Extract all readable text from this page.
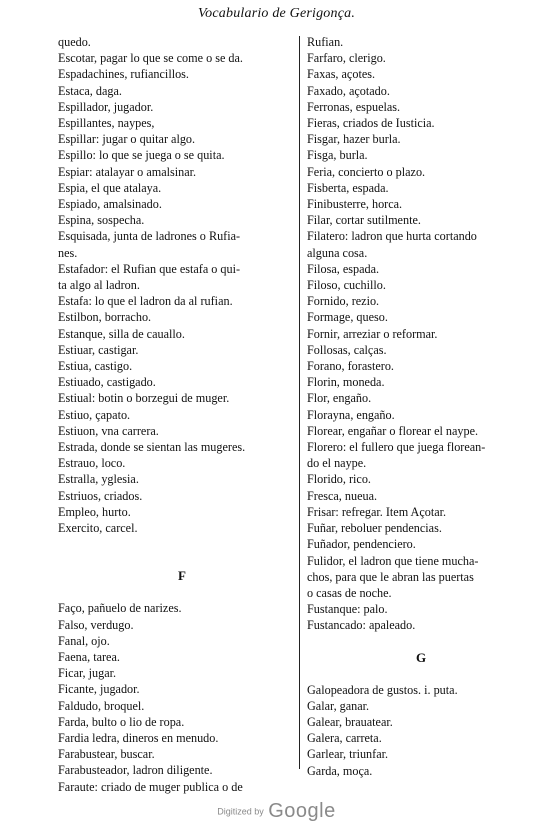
Vocabulario de Gerigonça.
quedo.
Escotar, pagar lo que se come o se da.
Espadachines, rufiancillos.
Estaca, daga.
Espillador, jugador.
Espillantes, naypes,
Espillar: jugar o quitar algo.
Espillo: lo que se juega o se quita.
Espiar: atalayar o amalsinar.
Espia, el que atalaya.
Espiado, amalsinado.
Espina, sospecha.
Esquisada, junta de ladrones o Rufia-
nes.
Estafador: el Rufian que estafa o qui-
ta algo al ladron.
Estafa: lo que el ladron da al rufian.
Estilbon, borracho.
Estanque, silla de cauallo.
Estiuar, castigar.
Estiua, castigo.
Estiuado, castigado.
Estiual: botin o borzegui de muger.
Estiuo, çapato.
Estiuon, vna carrera.
Estrada, donde se sientan las mugeres.
Estrauo, loco.
Estralla, yglesia.
Estriuos, criados.
Empleo, hurto.
Exercito, carcel.
F
Faço, pañuelo de narizes.
Falso, verdugo.
Fanal, ojo.
Faena, tarea.
Ficar, jugar.
Ficante, jugador.
Faldudo, broquel.
Farda, bulto o lio de ropa.
Fardia ledra, dineros en menudo.
Farabustear, buscar.
Farabusteador, ladron diligente.
Faraute: criado de muger publica o de
Rufian.
Farfaro, clerigo.
Faxas, açotes.
Faxado, açotado.
Ferronas, espuelas.
Fieras, criados de Iusticia.
Fisgar, hazer burla.
Fisga, burla.
Feria, concierto o plazo.
Fisberta, espada.
Finibusterre, horca.
Filar, cortar sutilmente.
Filatero: ladron que hurta cortando
alguna cosa.
Filosa, espada.
Filoso, cuchillo.
Fornido, rezio.
Formage, queso.
Fornir, arreziar o reformar.
Follosas, calças.
Forano, forastero.
Florin, moneda.
Flor, engaño.
Florayna, engaño.
Florear, engañar o florear el naype.
Florero: el fullero que juega florean-
do el naype.
Florido, rico.
Fresca, nueua.
Frisar: refregar. Item Açotar.
Fuñar, reboluer pendencias.
Fuñador, pendenciero.
Fulidor, el ladron que tiene mucha-
chos, para que le abran las puertas
o casas de noche.
Fustanque: palo.
Fustancado: apaleado.
G
Galopeadora de gustos. i. puta.
Galar, ganar.
Galear, brauatear.
Galera, carreta.
Garlear, triunfar.
Garda, moça.
Digitized by Google
